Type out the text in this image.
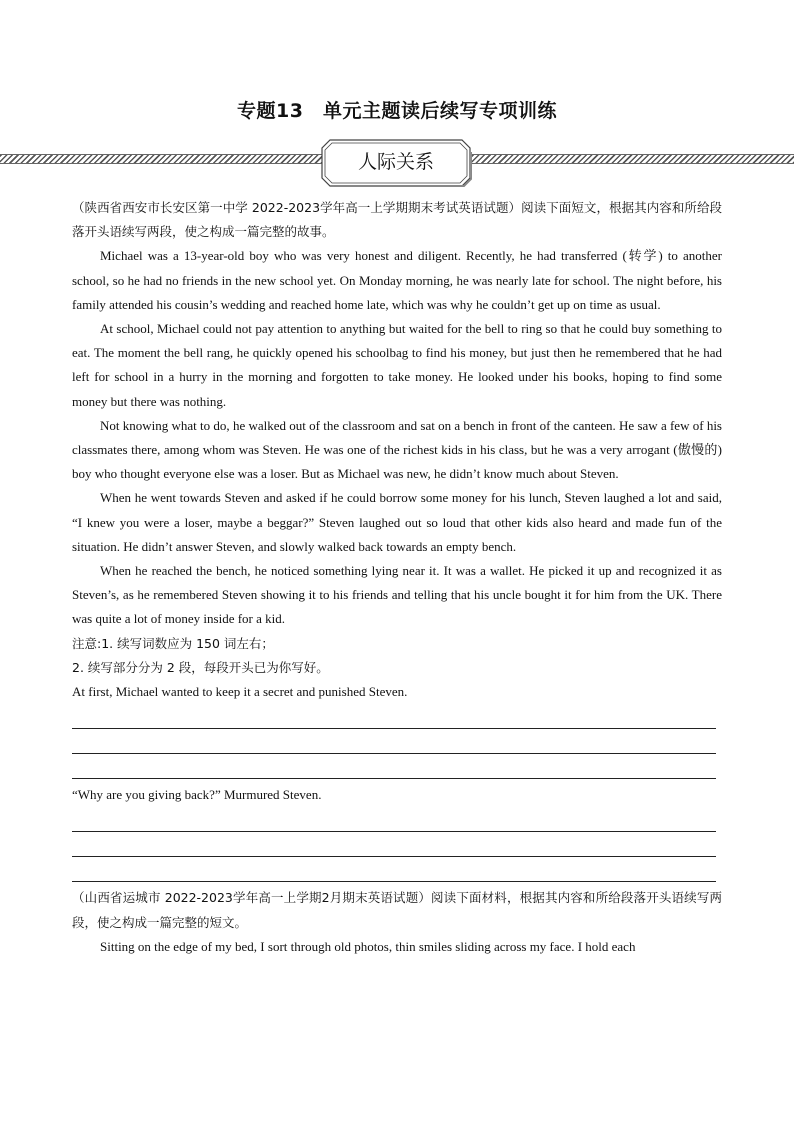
专题13　单元主题读后续写专项训练
人际关系

（陕西省西安市长安区第一中学 2022-2023学年高一上学期期末考试英语试题）阅读下面短文，根据其内容和所给段落开头语续写两段，使之构成一篇完整的故事。

Michael was a 13-year-old boy who was very honest and diligent. Recently, he had transferred (转学) to another school, so he had no friends in the new school yet. On Monday morning, he was nearly late for school. The night before, his family attended his cousin’s wedding and reached home late, which was why he couldn’t get up on time as usual.

At school, Michael could not pay attention to anything but waited for the bell to ring so that he could buy something to eat. The moment the bell rang, he quickly opened his schoolbag to find his money, but just then he remembered that he had left for school in a hurry in the morning and forgotten to take money. He looked under his books, hoping to find some money but there was nothing.

Not knowing what to do, he walked out of the classroom and sat on a bench in front of the canteen. He saw a few of his classmates there, among whom was Steven. He was one of the richest kids in his class, but he was a very arrogant (傲慢的) boy who thought everyone else was a loser. But as Michael was new, he didn’t know much about Steven.

When he went towards Steven and asked if he could borrow some money for his lunch, Steven laughed a lot and said, “I knew you were a loser, maybe a beggar?” Steven laughed out so loud that other kids also heard and made fun of the situation. He didn’t answer Steven, and slowly walked back towards an empty bench.

When he reached the bench, he noticed something lying near it. It was a wallet. He picked it up and recognized it as Steven’s, as he remembered Steven showing it to his friends and telling that his uncle bought it for him from the UK. There was quite a lot of money inside for a kid.

注意:1. 续写词数应为 150 词左右；

2. 续写部分分为 2 段，每段开头已为你写好。

At first, Michael wanted to keep it a secret and punished Steven.

“Why are you giving back?” Murmured Steven.

（山西省运城市 2022-2023学年高一上学期2月期末英语试题）阅读下面材料，根据其内容和所给段落开头语续写两段，使之构成一篇完整的短文。

Sitting on the edge of my bed, I sort through old photos, thin smiles sliding across my face. I hold each
